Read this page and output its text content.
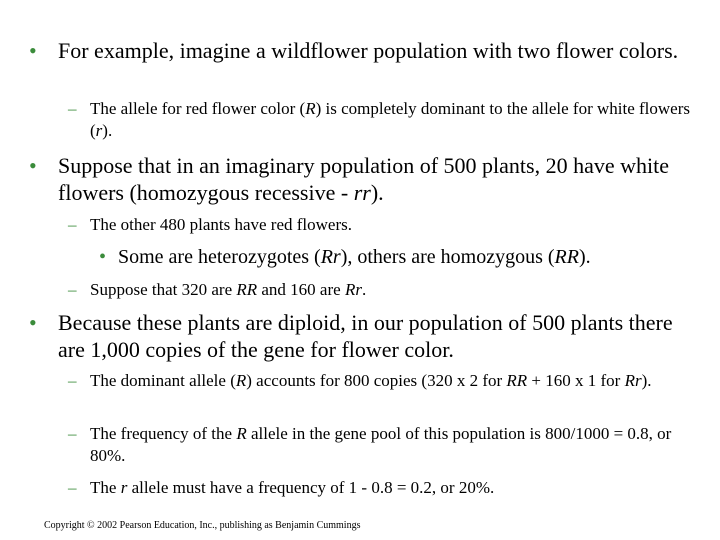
• For example, imagine a wildflower population with two flower colors.
– The allele for red flower color (R) is completely dominant to the allele for white flowers (r).
• Suppose that in an imaginary population of 500 plants, 20 have white flowers (homozygous recessive - rr).
– The other 480 plants have red flowers.
• Some are heterozygotes (Rr), others are homozygous (RR).
– Suppose that 320 are RR and 160 are Rr.
• Because these plants are diploid, in our population of 500 plants there are 1,000 copies of the gene for flower color.
– The dominant allele (R) accounts for 800 copies (320 x 2 for RR + 160 x 1 for Rr).
– The frequency of the R allele in the gene pool of this population is 800/1000 = 0.8, or 80%.
– The r allele must have a frequency of 1 - 0.8 = 0.2, or 20%.
Copyright © 2002 Pearson Education, Inc., publishing as Benjamin Cummings
